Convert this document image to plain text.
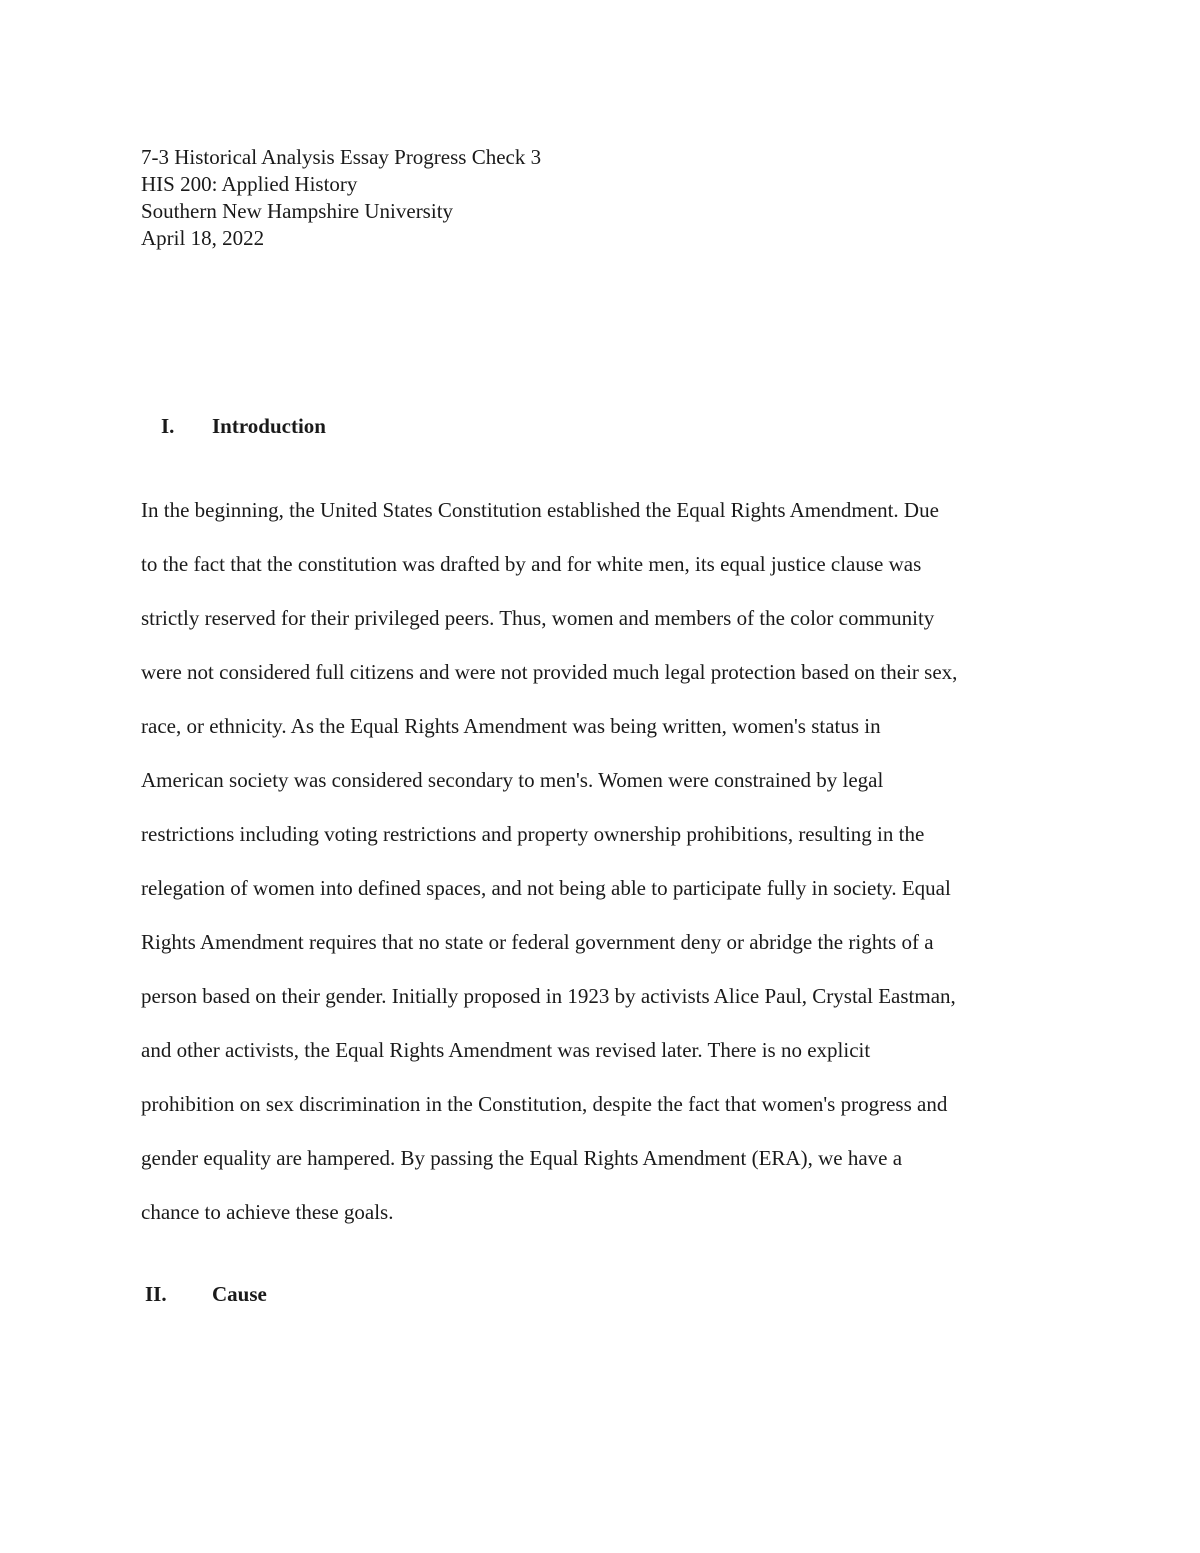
7-3 Historical Analysis Essay Progress Check 3
HIS 200: Applied History
Southern New Hampshire University
April 18, 2022
I. Introduction
In the beginning, the United States Constitution established the Equal Rights Amendment. Due
to the fact that the constitution was drafted by and for white men, its equal justice clause was
strictly reserved for their privileged peers. Thus, women and members of the color community
were not considered full citizens and were not provided much legal protection based on their sex,
race, or ethnicity. As the Equal Rights Amendment was being written, women's status in
American society was considered secondary to men's. Women were constrained by legal
restrictions including voting restrictions and property ownership prohibitions, resulting in the
relegation of women into defined spaces, and not being able to participate fully in society. Equal
Rights Amendment requires that no state or federal government deny or abridge the rights of a
person based on their gender. Initially proposed in 1923 by activists Alice Paul, Crystal Eastman,
and other activists, the Equal Rights Amendment was revised later. There is no explicit
prohibition on sex discrimination in the Constitution, despite the fact that women's progress and
gender equality are hampered. By passing the Equal Rights Amendment (ERA), we have a
chance to achieve these goals.
II. Cause
